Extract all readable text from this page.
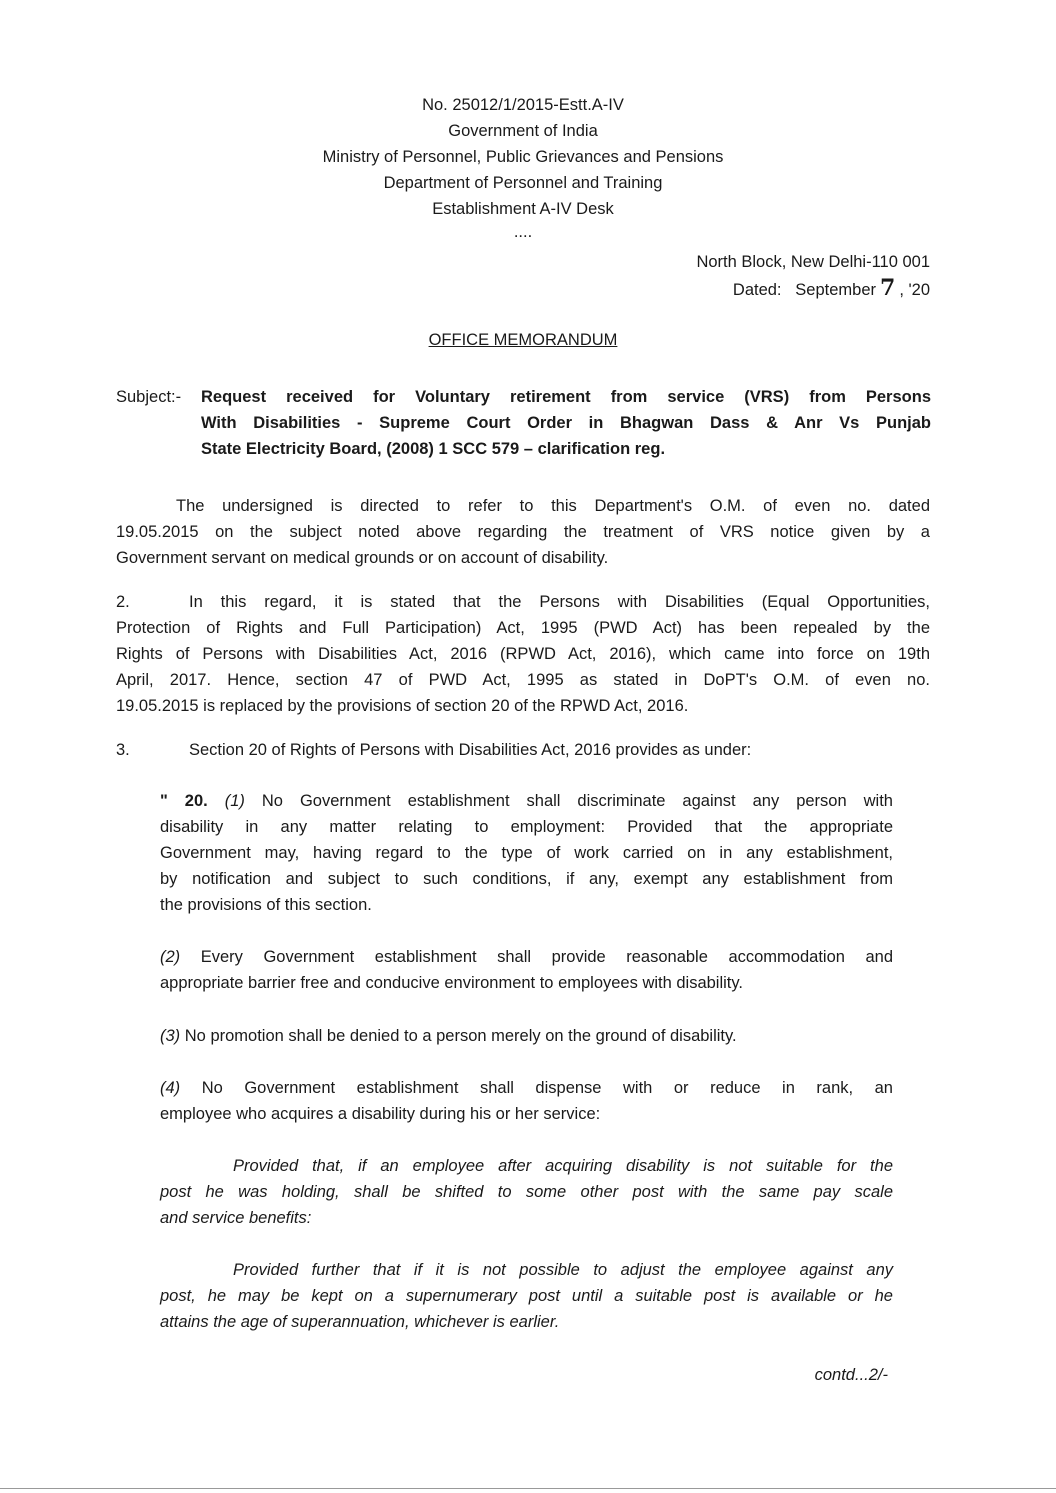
No. 25012/1/2015-Estt.A-IV
Government of India
Ministry of Personnel, Public Grievances and Pensions
Department of Personnel and Training
Establishment A-IV Desk
....
North Block, New Delhi-110 001
Dated: September 7 , '20
OFFICE MEMORANDUM
Subject:- Request received for Voluntary retirement from service (VRS) from Persons
With Disabilities - Supreme Court Order in Bhagwan Dass & Anr Vs Punjab
State Electricity Board, (2008) 1 SCC 579 – clarification reg.
The undersigned is directed to refer to this Department's O.M. of even no. dated
19.05.2015 on the subject noted above regarding the treatment of VRS notice given by a
Government servant on medical grounds or on account of disability.
2.	In this regard, it is stated that the Persons with Disabilities (Equal Opportunities,
Protection of Rights and Full Participation) Act, 1995 (PWD Act) has been repealed by the
Rights of Persons with Disabilities Act, 2016 (RPWD Act, 2016), which came into force on 19th
April, 2017. Hence, section 47 of PWD Act, 1995 as stated in DoPT's O.M. of even no.
19.05.2015 is replaced by the provisions of section 20 of the RPWD Act, 2016.
3.	Section 20 of Rights of Persons with Disabilities Act, 2016 provides as under:
" 20. (1) No Government establishment shall discriminate against any person with
disability in any matter relating to employment: Provided that the appropriate
Government may, having regard to the type of work carried on in any establishment,
by notification and subject to such conditions, if any, exempt any establishment from
the provisions of this section.
(2) Every Government establishment shall provide reasonable accommodation and
appropriate barrier free and conducive environment to employees with disability.
(3) No promotion shall be denied to a person merely on the ground of disability.
(4) No Government establishment shall dispense with or reduce in rank, an
employee who acquires a disability during his or her service:
Provided that, if an employee after acquiring disability is not suitable for the
post he was holding, shall be shifted to some other post with the same pay scale
and service benefits:
Provided further that if it is not possible to adjust the employee against any
post, he may be kept on a supernumerary post until a suitable post is available or he
attains the age of superannuation, whichever is earlier.
contd...2/-
